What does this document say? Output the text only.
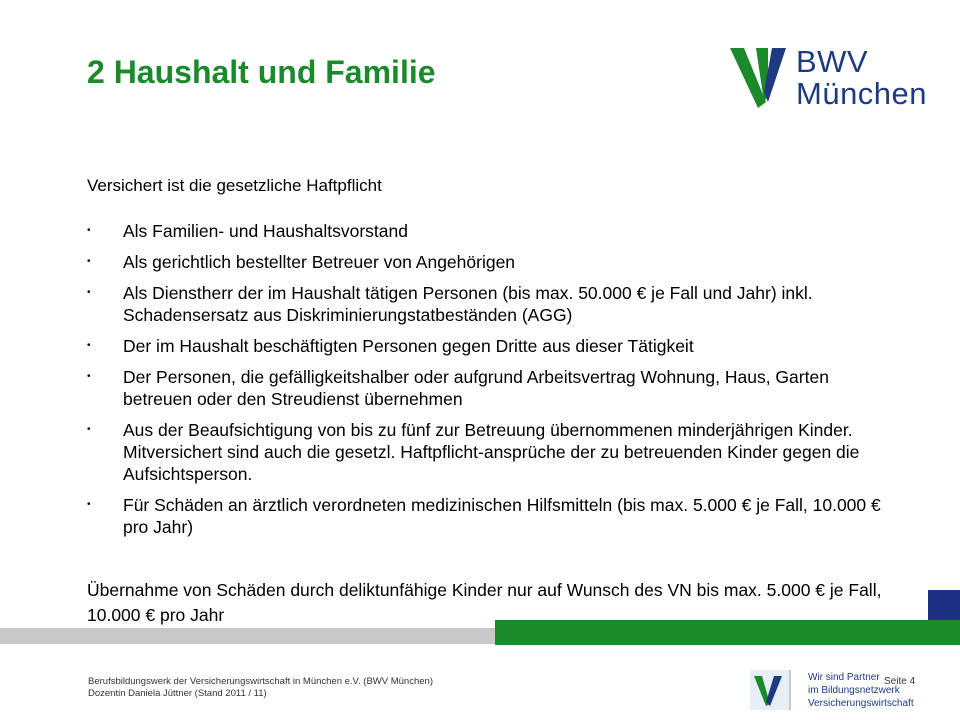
2 Haushalt und Familie	BWV
München

Versichert ist die gesetzliche Haftpflicht

• Als Familien- und Haushaltsvorstand
• Als gerichtlich bestellter Betreuer von Angehörigen
• Als Dienstherr der im Haushalt tätigen Personen (bis max. 50.000 € je Fall und Jahr) inkl. Schadensersatz aus Diskriminierungstatbeständen (AGG)
• Der im Haushalt beschäftigten Personen gegen Dritte aus dieser Tätigkeit
• Der Personen, die gefälligkeitshalber oder aufgrund Arbeitsvertrag Wohnung, Haus, Garten betreuen oder den Streudienst übernehmen
• Aus der Beaufsichtigung von bis zu fünf zur Betreuung übernommenen minderjährigen Kinder. Mitversichert sind auch die gesetzl. Haftpflicht-ansprüche der zu betreuenden Kinder gegen die Aufsichtsperson.
• Für Schäden an ärztlich verordneten medizinischen Hilfsmitteln (bis max. 5.000 € je Fall, 10.000 € pro Jahr)

Übernahme von Schäden durch deliktunfähige Kinder nur auf Wunsch des VN bis max. 5.000 € je Fall, 10.000 € pro Jahr

Berufsbildungswerk der Versicherungswirtschaft in München e.V. (BWV München)
Dozentin Daniela Jüttner (Stand 2011 / 11)
Wir sind Partner
im Bildungsnetzwerk
Versicherungswirtschaft
Seite 4
